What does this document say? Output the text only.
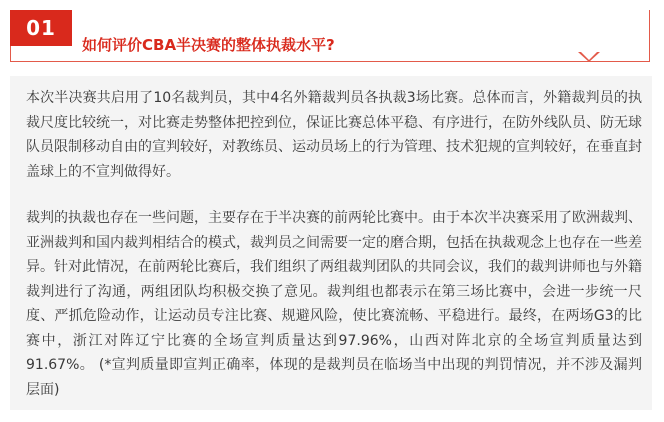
01
如何评价CBA半决赛的整体执裁水平?

本次半决赛共启用了10名裁判员，其中4名外籍裁判员各执裁3场比赛。总体而言，外籍裁判员的执裁尺度比较统一，对比赛走势整体把控到位，保证比赛总体平稳、有序进行，在防外线队员、防无球队员限制移动自由的宣判较好，对教练员、运动员场上的行为管理、技术犯规的宣判较好，在垂直封盖球上的不宣判做得好。

裁判的执裁也存在一些问题，主要存在于半决赛的前两轮比赛中。由于本次半决赛采用了欧洲裁判、亚洲裁判和国内裁判相结合的模式，裁判员之间需要一定的磨合期，包括在执裁观念上也存在一些差异。针对此情况，在前两轮比赛后，我们组织了两组裁判团队的共同会议，我们的裁判讲师也与外籍裁判进行了沟通，两组团队均积极交换了意见。裁判组也都表示在第三场比赛中，会进一步统一尺度、严抓危险动作，让运动员专注比赛、规避风险，使比赛流畅、平稳进行。最终，在两场G3的比赛中，浙江对阵辽宁比赛的全场宣判质量达到97.96%，山西对阵北京的全场宣判质量达到91.67%。 (*宣判质量即宣判正确率，体现的是裁判员在临场当中出现的判罚情况，并不涉及漏判层面)
